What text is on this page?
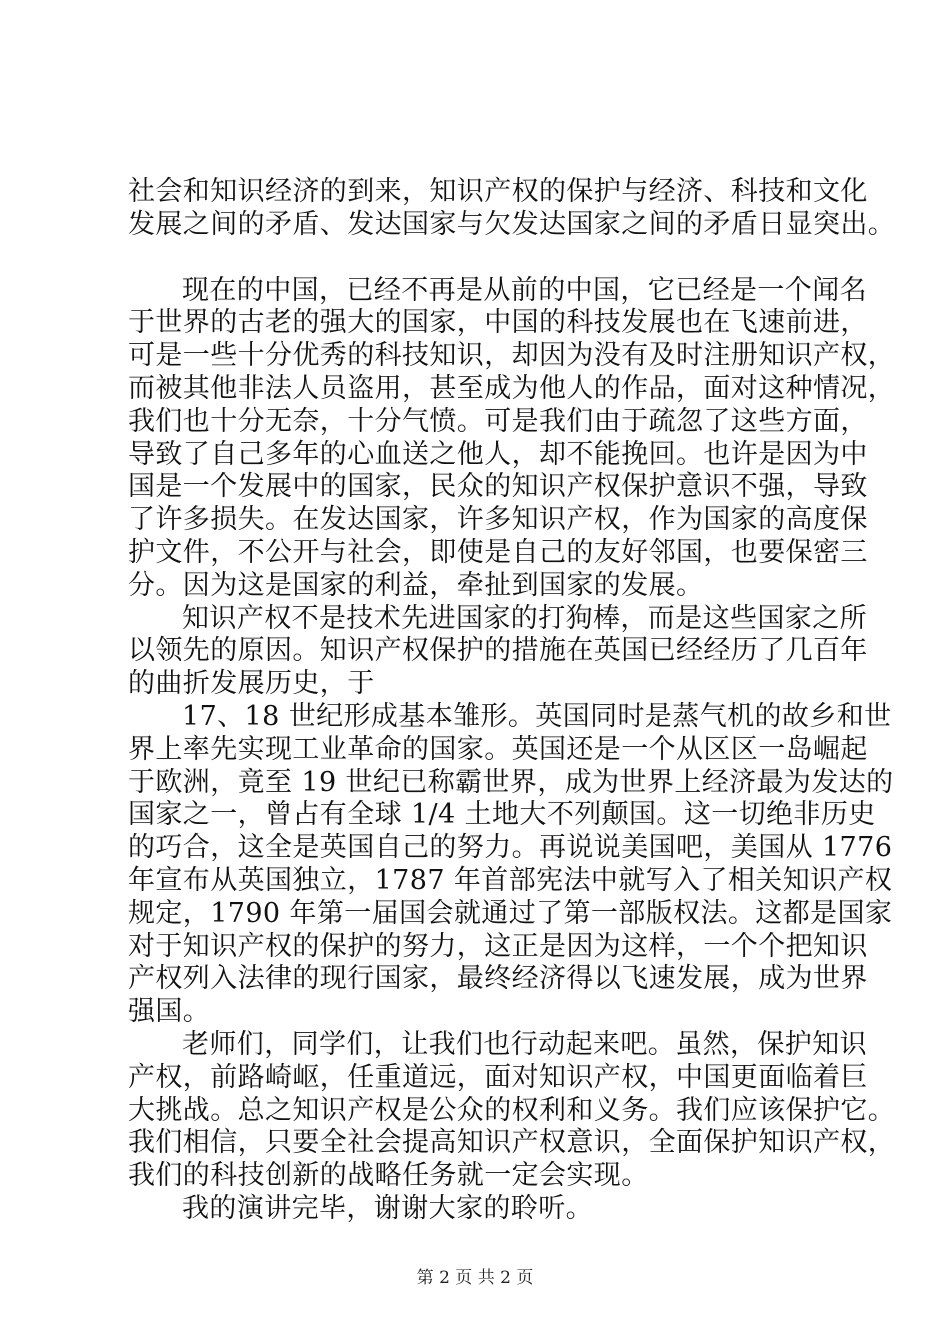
社会和知识经济的到来，知识产权的保护与经济、科技和文化
发展之间的矛盾、发达国家与欠发达国家之间的矛盾日显突出。
现在的中国，已经不再是从前的中国，它已经是一个闻名
于世界的古老的强大的国家，中国的科技发展也在飞速前进，
可是一些十分优秀的科技知识，却因为没有及时注册知识产权，
而被其他非法人员盗用，甚至成为他人的作品，面对这种情况，
我们也十分无奈，十分气愤。可是我们由于疏忽了这些方面，
导致了自己多年的心血送之他人，却不能挽回。也许是因为中
国是一个发展中的国家，民众的知识产权保护意识不强，导致
了许多损失。在发达国家，许多知识产权，作为国家的高度保
护文件，不公开与社会，即使是自己的友好邻国，也要保密三
分。因为这是国家的利益，牵扯到国家的发展。
知识产权不是技术先进国家的打狗棒，而是这些国家之所
以领先的原因。知识产权保护的措施在英国已经经历了几百年
的曲折发展历史，于
17、18 世纪形成基本雏形。英国同时是蒸气机的故乡和世
界上率先实现工业革命的国家。英国还是一个从区区一岛崛起
于欧洲，竟至 19 世纪已称霸世界，成为世界上经济最为发达的
国家之一，曾占有全球 1/4 土地大不列颠国。这一切绝非历史
的巧合，这全是英国自己的努力。再说说美国吧，美国从 1776
年宣布从英国独立，1787 年首部宪法中就写入了相关知识产权
规定，1790 年第一届国会就通过了第一部版权法。这都是国家
对于知识产权的保护的努力，这正是因为这样，一个个把知识
产权列入法律的现行国家，最终经济得以飞速发展，成为世界
强国。
老师们，同学们，让我们也行动起来吧。虽然，保护知识
产权，前路崎岖，任重道远，面对知识产权，中国更面临着巨
大挑战。总之知识产权是公众的权利和义务。我们应该保护它。
我们相信，只要全社会提高知识产权意识，全面保护知识产权，
我们的科技创新的战略任务就一定会实现。
我的演讲完毕，谢谢大家的聆听。
第 2 页 共 2 页
